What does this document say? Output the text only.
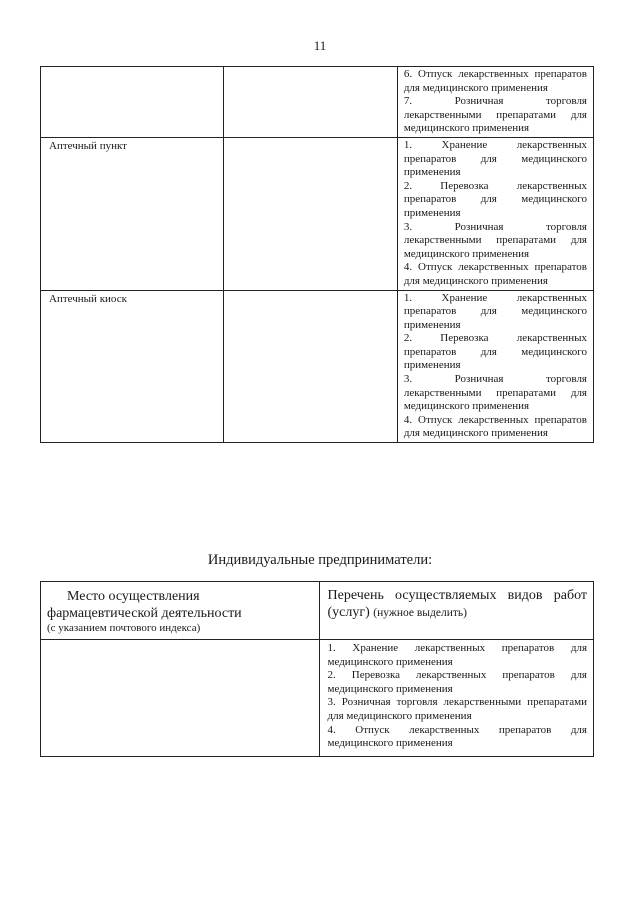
11

		6. Отпуск лекарственных препаратов для медицинского применения
7. Розничная торговля лекарственными препаратами для медицинского применения

Аптечный пункт		1. Хранение лекарственных препаратов для медицинского применения
2. Перевозка лекарственных препаратов для медицинского применения
3. Розничная торговля лекарственными препаратами для медицинского применения
4. Отпуск лекарственных препаратов для медицинского применения

Аптечный киоск		1. Хранение лекарственных препаратов для медицинского применения
2. Перевозка лекарственных препаратов для медицинского применения
3. Розничная торговля лекарственными препаратами для медицинского применения
4. Отпуск лекарственных препаратов для медицинского применения
Индивидуальные предприниматели:
Место осуществления
фармацевтической деятельности
(с указанием почтового индекса)	Перечень осуществляемых видов работ (услуг) (нужное выделить)

	1. Хранение лекарственных препаратов для медицинского применения
2. Перевозка лекарственных препаратов для медицинского применения
3. Розничная торговля лекарственными препаратами для медицинского применения
4. Отпуск лекарственных препаратов для медицинского применения
